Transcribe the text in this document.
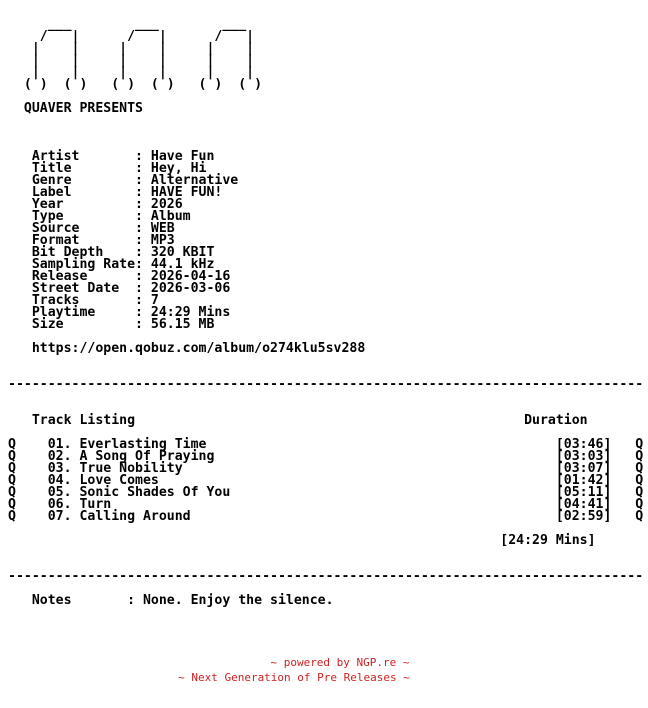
___        ___        ___
/   |      /   |      /   |
|    |     |    |     |    |
|    |     |    |     |    |
|    |     |    |     |    |
( )  ( )   ( )  ( )   ( )  ( )

QUAVER PRESENTS

Artist       : Have Fun
Title        : Hey, Hi
Genre        : Alternative
Label        : HAVE FUN!
Year         : 2026
Type         : Album
Source       : WEB
Format       : MP3
Bit Depth    : 320 KBIT
Sampling Rate: 44.1 kHz
Release      : 2026-04-16
Street Date  : 2026-03-06
Tracks       : 7
Playtime     : 24:29 Mins
Size         : 56.15 MB

https://open.qobuz.com/album/o274klu5sv288

--------------------------------------------------------------------------------

Track Listing                                                 Duration

Q    01. Everlasting Time                                            [03:46]   Q
Q    02. A Song Of Praying                                           [03:03]   Q
Q    03. True Nobility                                               [03:07]   Q
Q    04. Love Comes                                                  [01:42]   Q
Q    05. Sonic Shades Of You                                         [05:11]   Q
Q    06. Turn                                                        [04:41]   Q
Q    07. Calling Around                                              [02:59]   Q

[24:29 Mins]

--------------------------------------------------------------------------------

Notes       : None. Enjoy the silence.

~ powered by NGP.re ~
~ Next Generation of Pre Releases ~
